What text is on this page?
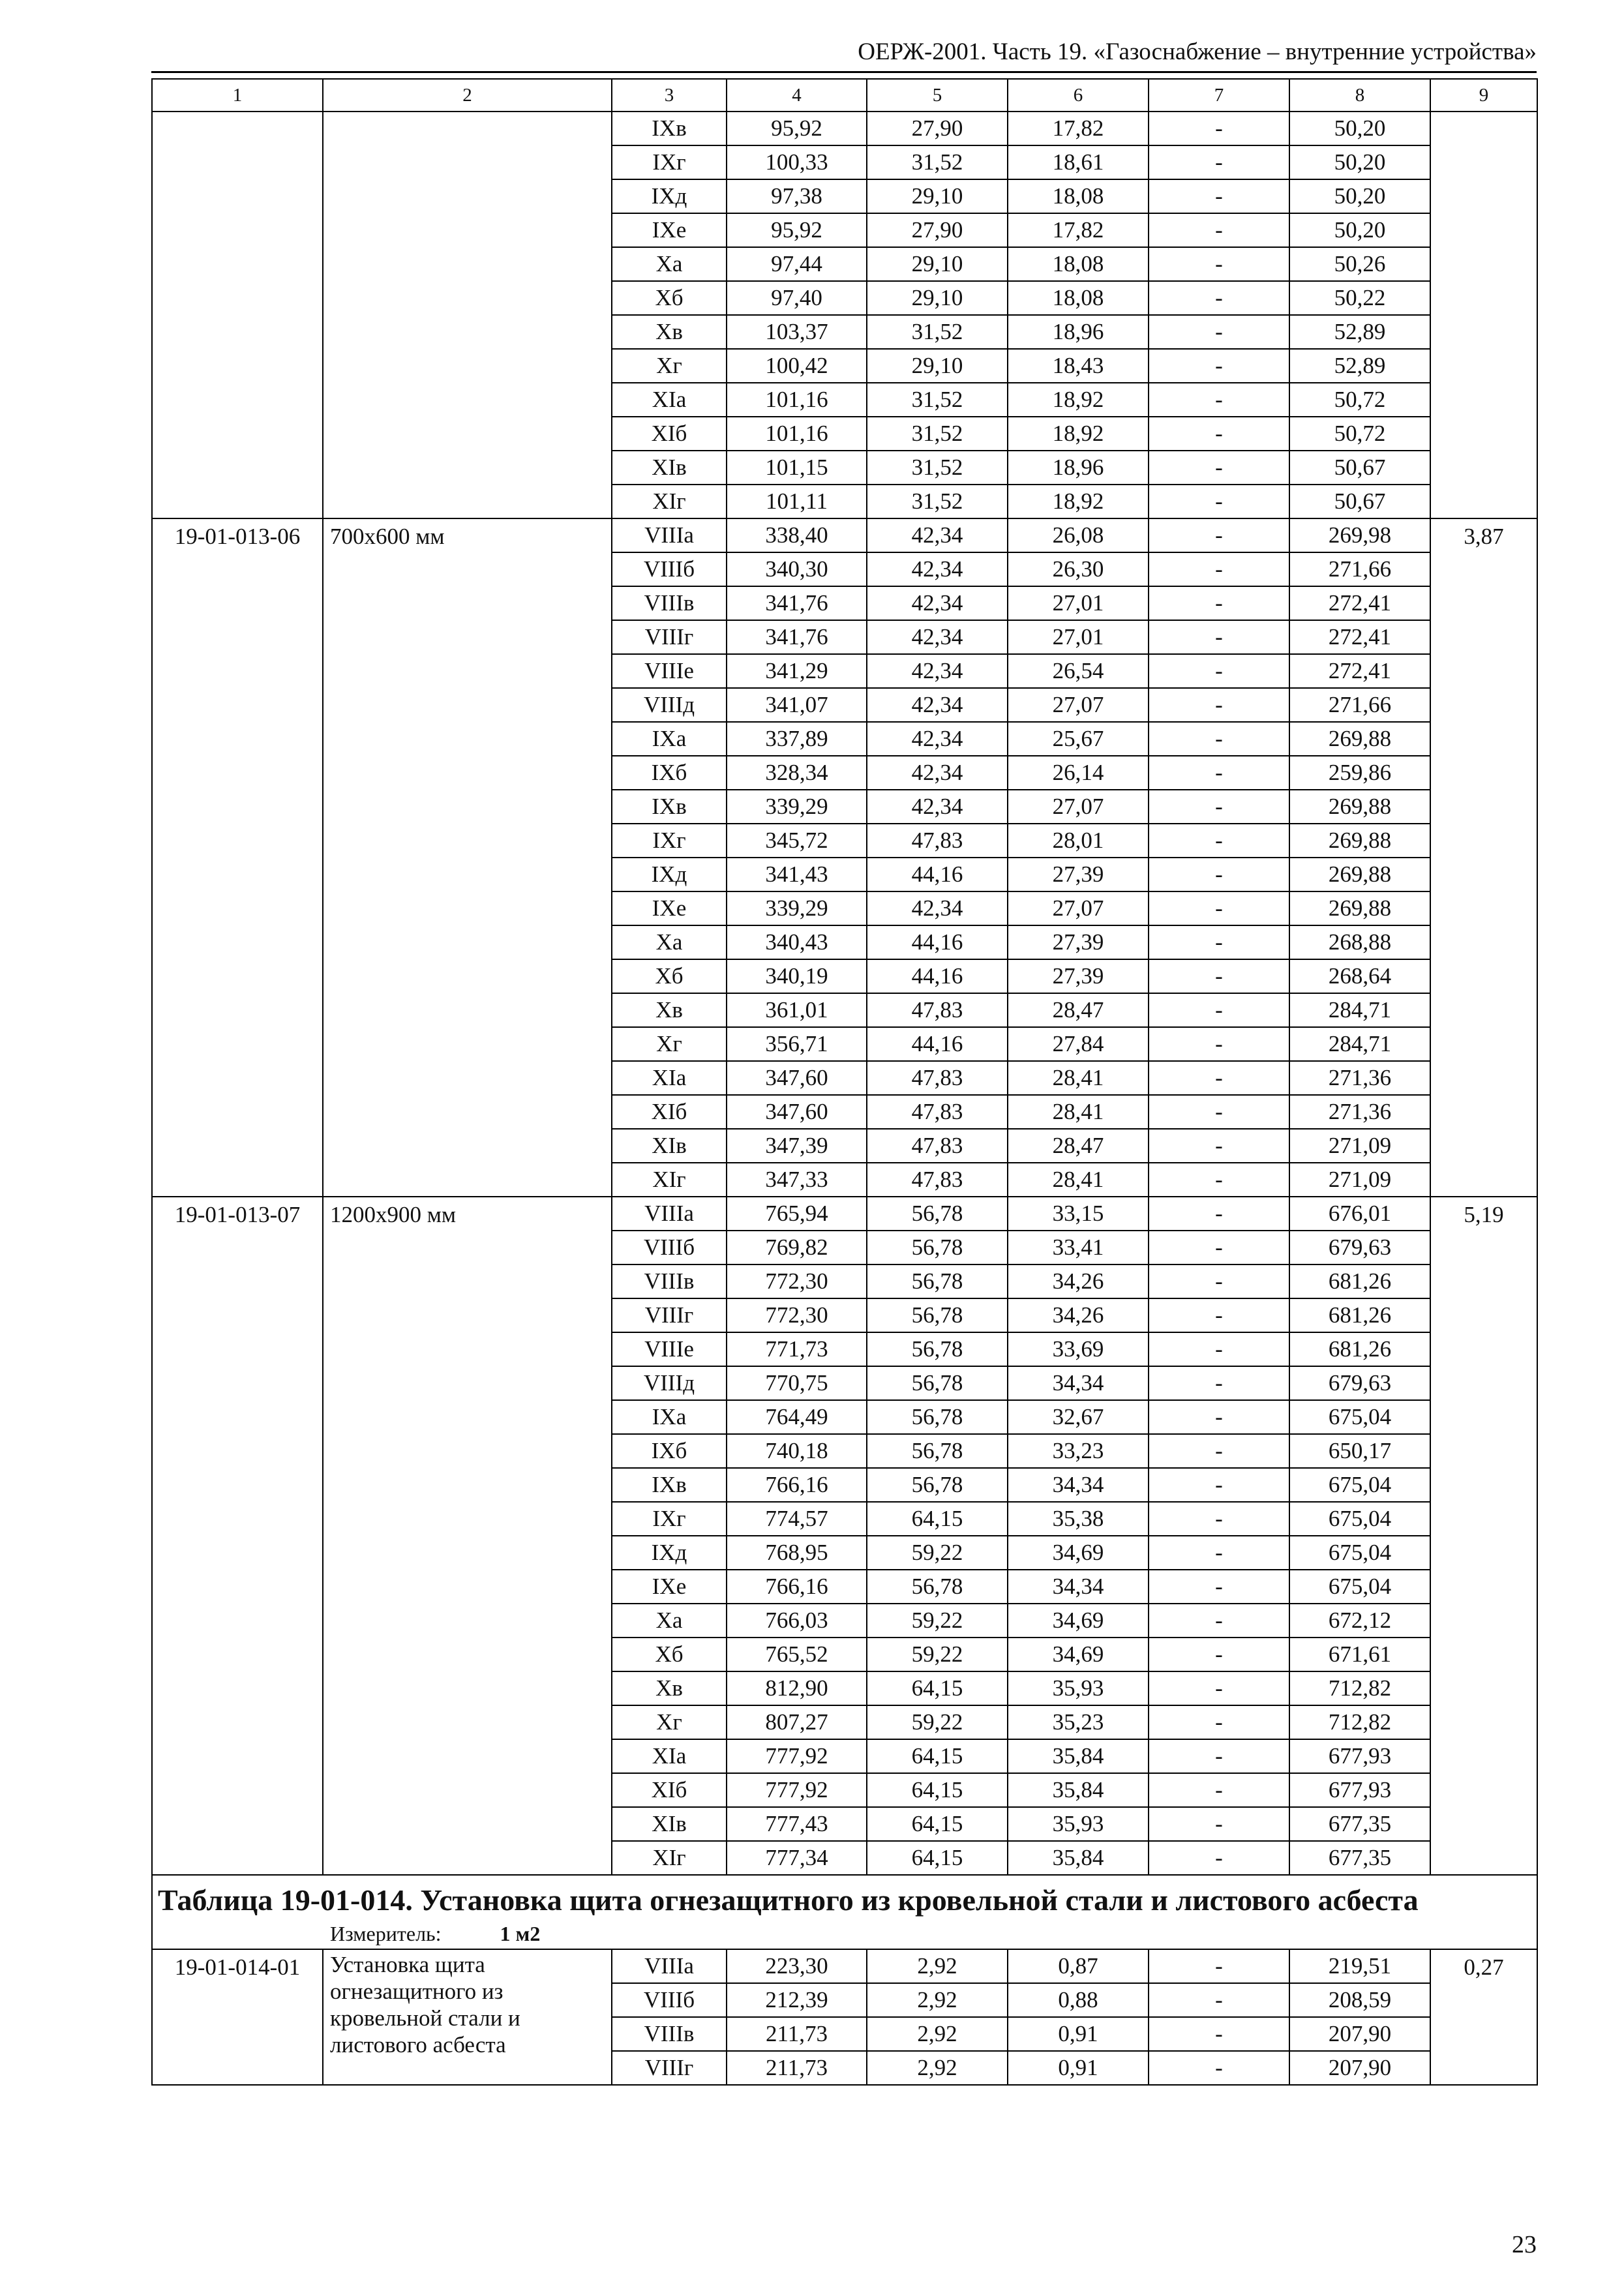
ОЕРЖ-2001. Часть 19. «Газоснабжение – внутренние устройства»
1	2	3	4	5	6	7	8	9
		IXв	95,92	27,90	17,82	-	50,20	
		IXг	100,33	31,52	18,61	-	50,20	
		IXд	97,38	29,10	18,08	-	50,20	
		IXе	95,92	27,90	17,82	-	50,20	
		Xа	97,44	29,10	18,08	-	50,26	
		Xб	97,40	29,10	18,08	-	50,22	
		Xв	103,37	31,52	18,96	-	52,89	
		Xг	100,42	29,10	18,43	-	52,89	
		XIа	101,16	31,52	18,92	-	50,72	
		XIб	101,16	31,52	18,92	-	50,72	
		XIв	101,15	31,52	18,96	-	50,67	
		XIг	101,11	31,52	18,92	-	50,67	
19-01-013-06	700х600 мм	VIIIа	338,40	42,34	26,08	-	269,98	3,87
		VIIIб	340,30	42,34	26,30	-	271,66	
		VIIIв	341,76	42,34	27,01	-	272,41	
		VIIIг	341,76	42,34	27,01	-	272,41	
		VIIIе	341,29	42,34	26,54	-	272,41	
		VIIIд	341,07	42,34	27,07	-	271,66	
		IXа	337,89	42,34	25,67	-	269,88	
		IXб	328,34	42,34	26,14	-	259,86	
		IXв	339,29	42,34	27,07	-	269,88	
		IXг	345,72	47,83	28,01	-	269,88	
		IXд	341,43	44,16	27,39	-	269,88	
		IXе	339,29	42,34	27,07	-	269,88	
		Xа	340,43	44,16	27,39	-	268,88	
		Xб	340,19	44,16	27,39	-	268,64	
		Xв	361,01	47,83	28,47	-	284,71	
		Xг	356,71	44,16	27,84	-	284,71	
		XIа	347,60	47,83	28,41	-	271,36	
		XIб	347,60	47,83	28,41	-	271,36	
		XIв	347,39	47,83	28,47	-	271,09	
		XIг	347,33	47,83	28,41	-	271,09	
19-01-013-07	1200х900 мм	VIIIа	765,94	56,78	33,15	-	676,01	5,19
		VIIIб	769,82	56,78	33,41	-	679,63	
		VIIIв	772,30	56,78	34,26	-	681,26	
		VIIIг	772,30	56,78	34,26	-	681,26	
		VIIIе	771,73	56,78	33,69	-	681,26	
		VIIIд	770,75	56,78	34,34	-	679,63	
		IXа	764,49	56,78	32,67	-	675,04	
		IXб	740,18	56,78	33,23	-	650,17	
		IXв	766,16	56,78	34,34	-	675,04	
		IXг	774,57	64,15	35,38	-	675,04	
		IXд	768,95	59,22	34,69	-	675,04	
		IXе	766,16	56,78	34,34	-	675,04	
		Xа	766,03	59,22	34,69	-	672,12	
		Xб	765,52	59,22	34,69	-	671,61	
		Xв	812,90	64,15	35,93	-	712,82	
		Xг	807,27	59,22	35,23	-	712,82	
		XIа	777,92	64,15	35,84	-	677,93	
		XIб	777,92	64,15	35,84	-	677,93	
		XIв	777,43	64,15	35,93	-	677,35	
		XIг	777,34	64,15	35,84	-	677,35	
Таблица 19-01-014. Установка щита огнезащитного из кровельной стали и листового асбеста								
Измеритель: 1 м2								
19-01-014-01	Установка щита огнезащитного из кровельной стали и листового асбеста	VIIIа	223,30	2,92	0,87	-	219,51	0,27
		VIIIб	212,39	2,92	0,88	-	208,59	
		VIIIв	211,73	2,92	0,91	-	207,90	
		VIIIг	211,73	2,92	0,91	-	207,90	
23
